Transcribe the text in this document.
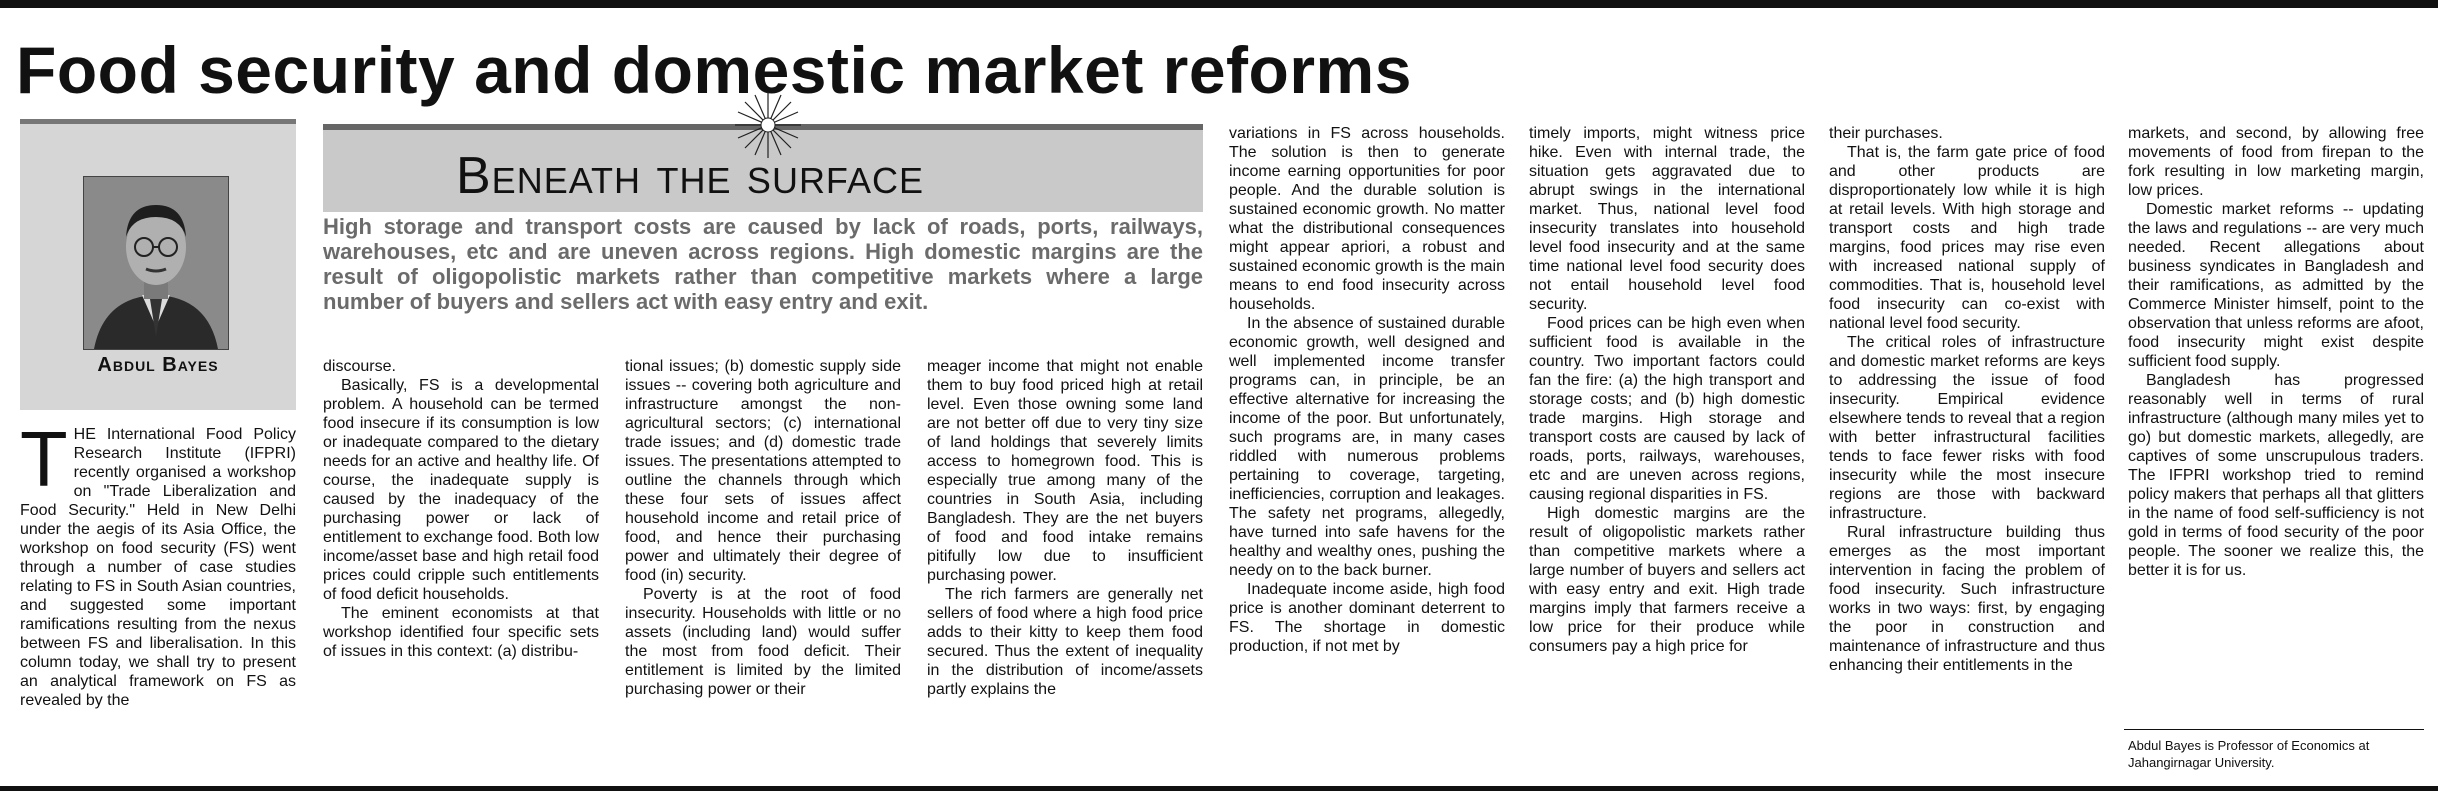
Food security and domestic market reforms
Abdul Bayes
Beneath the surface

High storage and transport costs are caused by lack of roads, ports, railways, warehouses, etc and are uneven across regions. High domestic margins are the result of oligopolistic markets rather than competitive markets where a large number of buyers and sellers act with easy entry and exit.

THE International Food Policy Research Institute (IFPRI) recently organised a workshop on "Trade Liberalization and Food Security." Held in New Delhi under the aegis of its Asia Office, the workshop on food security (FS) went through a number of case studies relating to FS in South Asian countries, and suggested some important ramifications resulting from the nexus between FS and liberalisation. In this column today, we shall try to present an analytical framework on FS as revealed by the

discourse.

Basically, FS is a developmental problem. A household can be termed food insecure if its consumption is low or inadequate compared to the dietary needs for an active and healthy life. Of course, the inadequate supply is caused by the inadequacy of the purchasing power or lack of entitlement to exchange food. Both low income/asset base and high retail food prices could cripple such entitlements of food deficit households.

The eminent economists at that workshop identified four specific sets of issues in this context: (a) distribu-

tional issues; (b) domestic supply side issues -- covering both agriculture and infrastructure amongst the non-agricultural sectors; (c) international trade issues; and (d) domestic trade issues. The presentations attempted to outline the channels through which these four sets of issues affect household income and retail price of food, and hence their purchasing power and ultimately their degree of food (in) security.

Poverty is at the root of food insecurity. Households with little or no assets (including land) would suffer the most from food deficit. Their entitlement is limited by the limited purchasing power or their

meager income that might not enable them to buy food priced high at retail level. Even those owning some land are not better off due to very tiny size of land holdings that severely limits access to homegrown food. This is especially true among many of the countries in South Asia, including Bangladesh. They are the net buyers of food and food intake remains pitifully low due to insufficient purchasing power.

The rich farmers are generally net sellers of food where a high food price adds to their kitty to keep them food secured. Thus the extent of inequality in the distribution of income/assets partly explains the

variations in FS across households. The solution is then to generate income earning opportunities for poor people. And the durable solution is sustained economic growth. No matter what the distributional consequences might appear apriori, a robust and sustained economic growth is the main means to end food insecurity across households.

In the absence of sustained durable economic growth, well designed and well implemented income transfer programs can, in principle, be an effective alternative for increasing the income of the poor. But unfortunately, such programs are, in many cases riddled with numerous problems pertaining to coverage, targeting, inefficiencies, corruption and leakages. The safety net programs, allegedly, have turned into safe havens for the healthy and wealthy ones, pushing the needy on to the back burner.

Inadequate income aside, high food price is another dominant deterrent to FS. The shortage in domestic production, if not met by

timely imports, might witness price hike. Even with internal trade, the situation gets aggravated due to abrupt swings in the international market. Thus, national level food insecurity translates into household level food insecurity and at the same time national level food security does not entail household level food security.

Food prices can be high even when sufficient food is available in the country. Two important factors could fan the fire: (a) the high transport and storage costs; and (b) high domestic trade margins. High storage and transport costs are caused by lack of roads, ports, railways, warehouses, etc and are uneven across regions, causing regional disparities in FS.

High domestic margins are the result of oligopolistic markets rather than competitive markets where a large number of buyers and sellers act with easy entry and exit. High trade margins imply that farmers receive a low price for their produce while consumers pay a high price for

their purchases.

That is, the farm gate price of food and other products are disproportionately low while it is high at retail levels. With high storage and transport costs and high trade margins, food prices may rise even with increased national supply of commodities. That is, household level food insecurity can co-exist with national level food security.

The critical roles of infrastructure and domestic market reforms are keys to addressing the issue of food insecurity. Empirical evidence elsewhere tends to reveal that a region with better infrastructural facilities tends to face fewer risks with food insecurity while the most insecure regions are those with backward infrastructure.

Rural infrastructure building thus emerges as the most important intervention in facing the problem of food insecurity. Such infrastructure works in two ways: first, by engaging the poor in construction and maintenance of infrastructure and thus enhancing their entitlements in the

markets, and second, by allowing free movements of food from firepan to the fork resulting in low marketing margin, low prices.

Domestic market reforms -- updating the laws and regulations -- are very much needed. Recent allegations about business syndicates in Bangladesh and their ramifications, as admitted by the Commerce Minister himself, point to the observation that unless reforms are afoot, food insecurity might exist despite sufficient food supply.

Bangladesh has progressed reasonably well in terms of rural infrastructure (although many miles yet to go) but domestic markets, allegedly, are captives of some unscrupulous traders. The IFPRI workshop tried to remind policy makers that perhaps all that glitters in the name of food self-sufficiency is not gold in terms of food security of the poor people. The sooner we realize this, the better it is for us.

Abdul Bayes is Professor of Economics at Jahangirnagar University.
